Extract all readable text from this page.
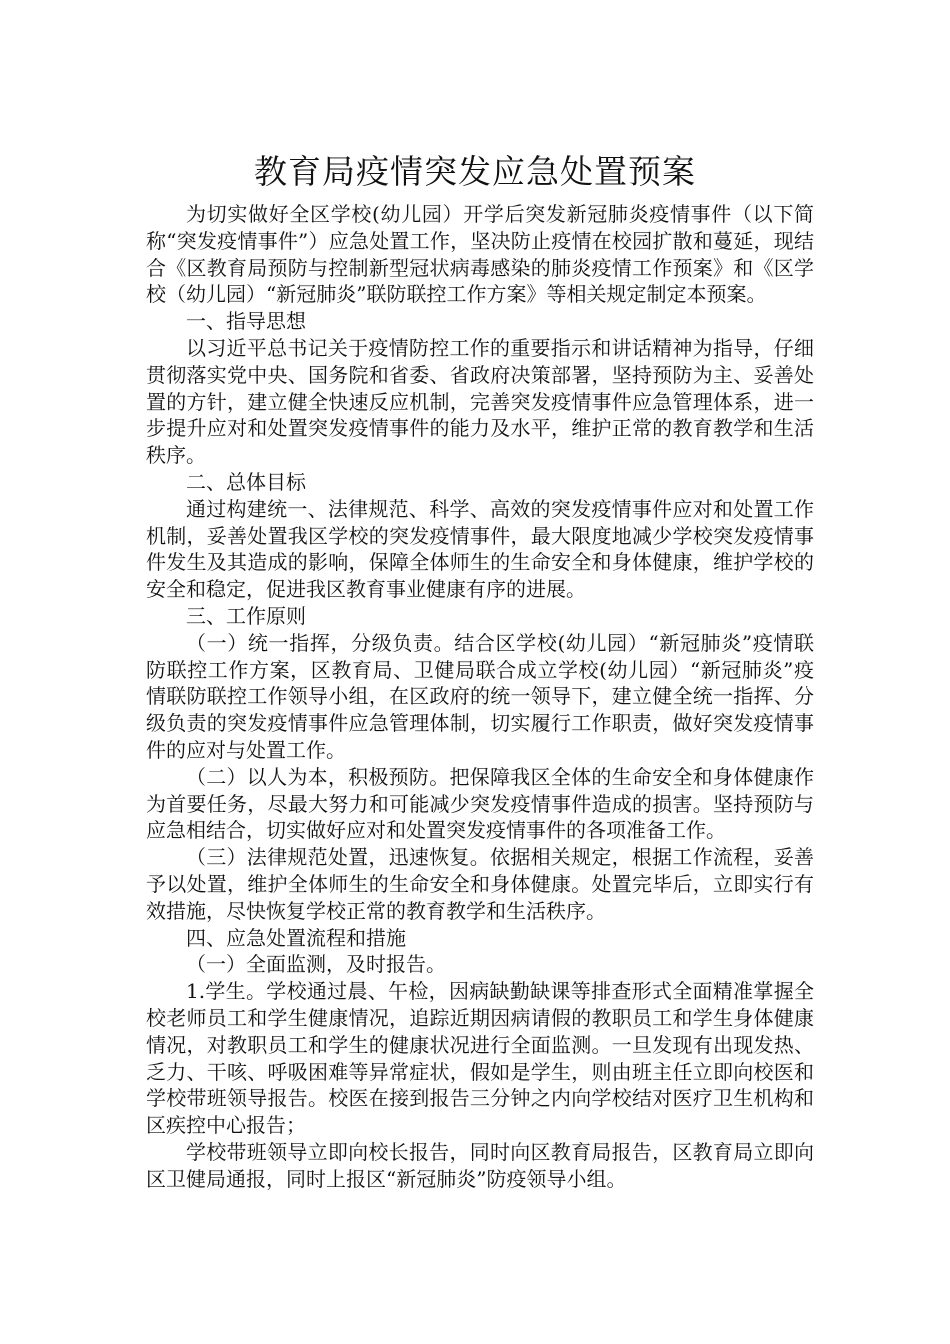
教育局疫情突发应急处置预案

为切实做好全区学校(幼儿园）开学后突发新冠肺炎疫情事件（以下简称“突发疫情事件”）应急处置工作，坚决防止疫情在校园扩散和蔓延，现结合《区教育局预防与控制新型冠状病毒感染的肺炎疫情工作预案》和《区学校（幼儿园）“新冠肺炎”联防联控工作方案》等相关规定制定本预案。

一、指导思想

以习近平总书记关于疫情防控工作的重要指示和讲话精神为指导，仔细贯彻落实党中央、国务院和省委、省政府决策部署，坚持预防为主、妥善处置的方针，建立健全快速反应机制，完善突发疫情事件应急管理体系，进一步提升应对和处置突发疫情事件的能力及水平，维护正常的教育教学和生活秩序。

二、总体目标

通过构建统一、法律规范、科学、高效的突发疫情事件应对和处置工作机制，妥善处置我区学校的突发疫情事件，最大限度地减少学校突发疫情事件发生及其造成的影响，保障全体师生的生命安全和身体健康，维护学校的安全和稳定，促进我区教育事业健康有序的进展。

三、工作原则

（一）统一指挥，分级负责。结合区学校(幼儿园）“新冠肺炎”疫情联防联控工作方案，区教育局、卫健局联合成立学校(幼儿园）“新冠肺炎”疫情联防联控工作领导小组，在区政府的统一领导下，建立健全统一指挥、分级负责的突发疫情事件应急管理体制，切实履行工作职责，做好突发疫情事件的应对与处置工作。

（二）以人为本，积极预防。把保障我区全体的生命安全和身体健康作为首要任务，尽最大努力和可能减少突发疫情事件造成的损害。坚持预防与应急相结合，切实做好应对和处置突发疫情事件的各项准备工作。

（三）法律规范处置，迅速恢复。依据相关规定，根据工作流程，妥善予以处置，维护全体师生的生命安全和身体健康。处置完毕后，立即实行有效措施，尽快恢复学校正常的教育教学和生活秩序。

四、应急处置流程和措施

（一）全面监测，及时报告。

1.学生。学校通过晨、午检，因病缺勤缺课等排查形式全面精准掌握全校老师员工和学生健康情况，追踪近期因病请假的教职员工和学生身体健康情况，对教职员工和学生的健康状况进行全面监测。一旦发现有出现发热、乏力、干咳、呼吸困难等异常症状，假如是学生，则由班主任立即向校医和学校带班领导报告。校医在接到报告三分钟之内向学校结对医疗卫生机构和区疾控中心报告；

学校带班领导立即向校长报告，同时向区教育局报告，区教育局立即向区卫健局通报，同时上报区“新冠肺炎”防疫领导小组。
